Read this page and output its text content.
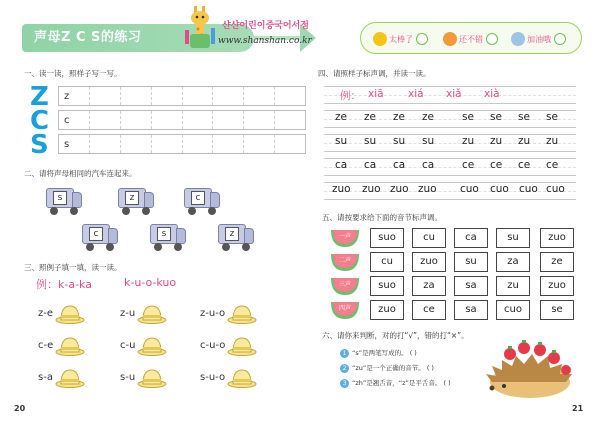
声母Z C S的练习
샨샨어린이중국어서점
www.shanshan.co.kr	太棒了	还不错	加油哦
一、读一读，照样子写一写。
Z	z
C	c
S	s
二、请将声母相同的汽车连起来。
s	z	c
c	s	z
三、照例子填一填，读一读。
例：k-a-ka	k-u-o-kuo
z-e	z-u	z-u-o
c-e	c-u	c-u-o
s-a	s-u	s-u-o
20
四、请照样子标声调，并读一读。
例： xiā xiá xiǎ xià
ze ze ze ze	se se se se
su su su su	zu zu zu zu
ca ca ca ca	ce ce ce ce
zuo zuo zuo zuo cuo cuo cuo cuo
五、请按要求给下面的音节标声调。
一声	suo	cu	ca	su	zuo
二声	cu	zuo	su	za	ze
三声	suo	za	sa	zu	zuo
四声	zuo	ce	sa	cuo	se
六、请你来判断，对的打“√”，错的打“×”。
1 “s”是两笔写成的。 ( )
2 “zu”是一个正确的音节。 ( )
3 “zh”是翘舌音，“z”是平舌音。 ( )
21
